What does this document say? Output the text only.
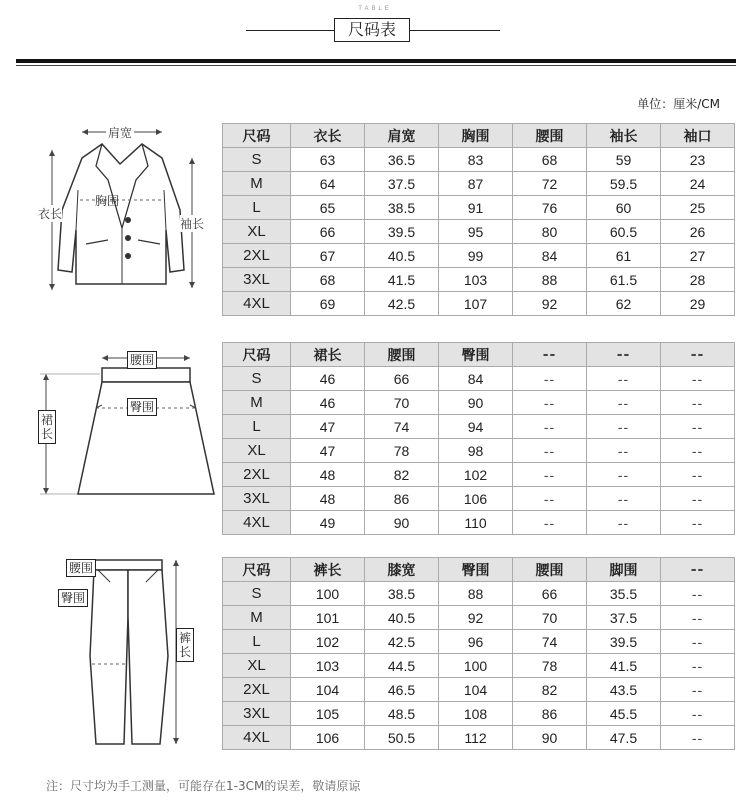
TABLE
尺码表
单位：厘米/CM
肩宽
胸围
衣长
袖长
尺码	衣长	肩宽	胸围	腰围	袖长	袖口
S	63	36.5	83	68	59	23
M	64	37.5	87	72	59.5	24
L	65	38.5	91	76	60	25
XL	66	39.5	95	80	60.5	26
2XL	67	40.5	99	84	61	27
3XL	68	41.5	103	88	61.5	28
4XL	69	42.5	107	92	62	29
腰围
臀围
裙长
尺码	裙长	腰围	臀围	--	--	--
S	46	66	84	--	--	--
M	46	70	90	--	--	--
L	47	74	94	--	--	--
XL	47	78	98	--	--	--
2XL	48	82	102	--	--	--
3XL	48	86	106	--	--	--
4XL	49	90	110	--	--	--
腰围
臀围
裤长
尺码	裤长	膝宽	臀围	腰围	脚围	--
S	100	38.5	88	66	35.5	--
M	101	40.5	92	70	37.5	--
L	102	42.5	96	74	39.5	--
XL	103	44.5	100	78	41.5	--
2XL	104	46.5	104	82	43.5	--
3XL	105	48.5	108	86	45.5	--
4XL	106	50.5	112	90	47.5	--
注：尺寸均为手工测量，可能存在1-3CM的误差，敬请原谅
